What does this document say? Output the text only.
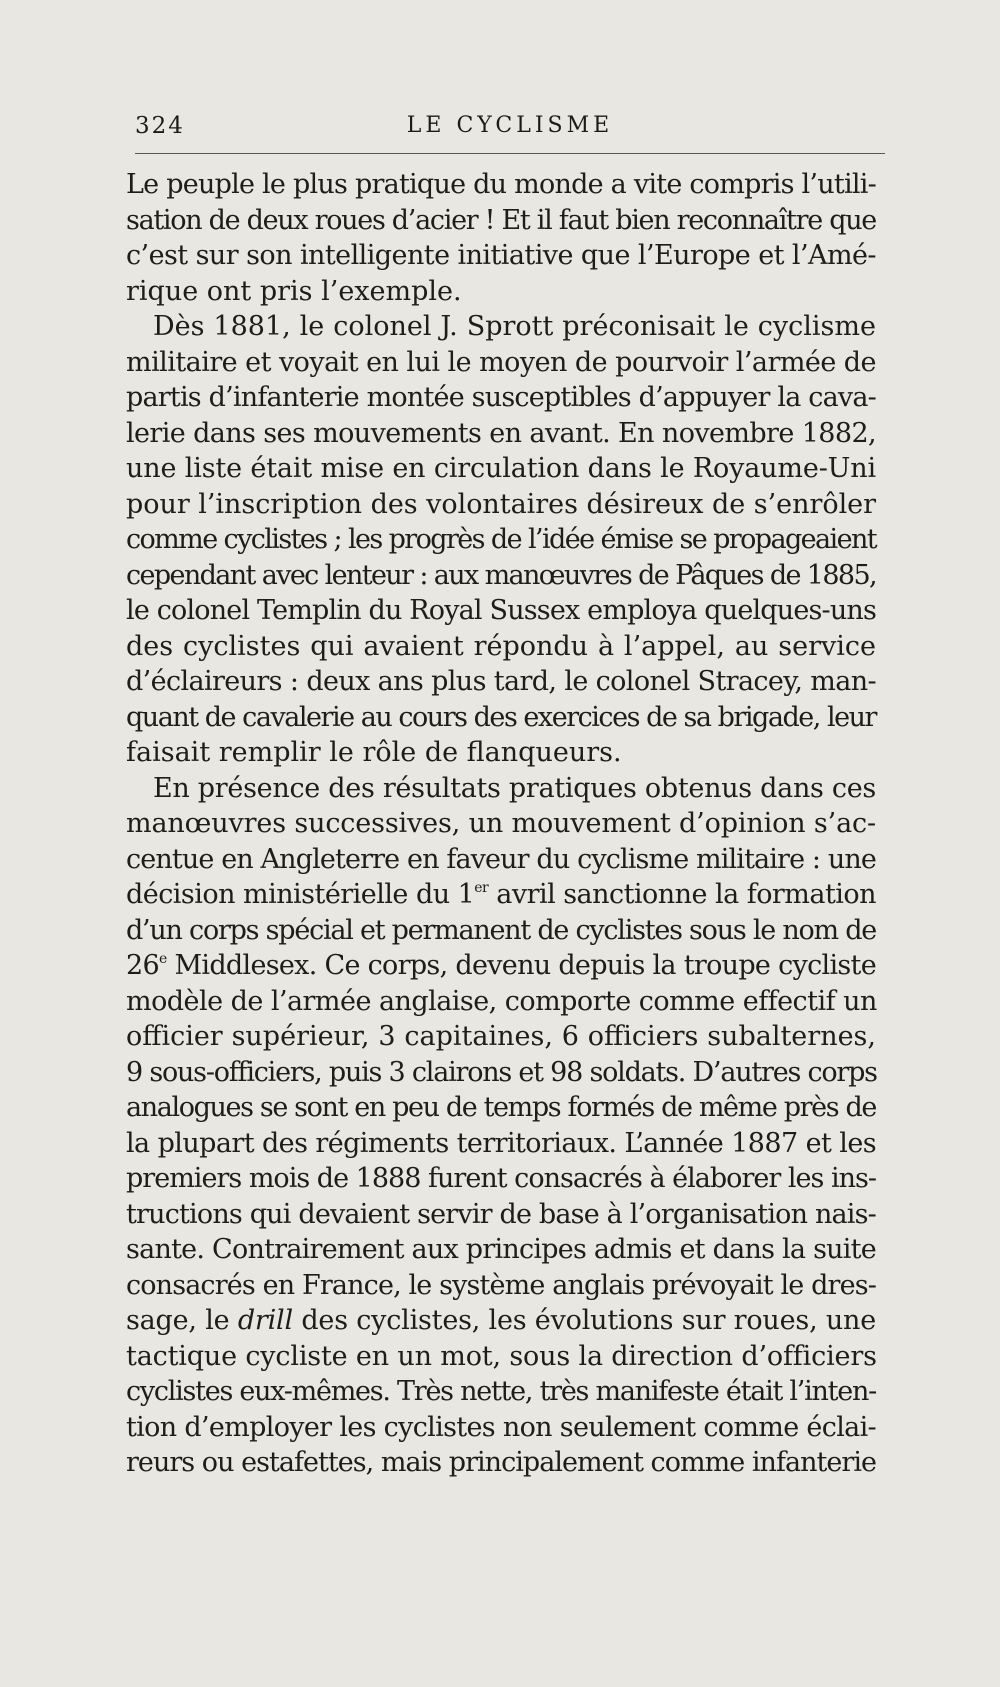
324	LE CYCLISME
Le peuple le plus pratique du monde a vite compris l’utili-
sation de deux roues d’acier ! Et il faut bien reconnaître que
c’est sur son intelligente initiative que l’Europe et l’Amé-
rique ont pris l’exemple.
Dès 1881, le colonel J. Sprott préconisait le cyclisme
militaire et voyait en lui le moyen de pourvoir l’armée de
partis d’infanterie montée susceptibles d’appuyer la cava-
lerie dans ses mouvements en avant. En novembre 1882,
une liste était mise en circulation dans le Royaume-Uni
pour l’inscription des volontaires désireux de s’enrôler
comme cyclistes ; les progrès de l’idée émise se propageaient
cependant avec lenteur : aux manœuvres de Pâques de 1885,
le colonel Templin du Royal Sussex employa quelques-uns
des cyclistes qui avaient répondu à l’appel, au service
d’éclaireurs : deux ans plus tard, le colonel Stracey, man-
quant de cavalerie au cours des exercices de sa brigade, leur
faisait remplir le rôle de flanqueurs.
En présence des résultats pratiques obtenus dans ces
manœuvres successives, un mouvement d’opinion s’ac-
centue en Angleterre en faveur du cyclisme militaire : une
décision ministérielle du 1er avril sanctionne la formation
d’un corps spécial et permanent de cyclistes sous le nom de
26e Middlesex. Ce corps, devenu depuis la troupe cycliste
modèle de l’armée anglaise, comporte comme effectif un
officier supérieur, 3 capitaines, 6 officiers subalternes,
9 sous-officiers, puis 3 clairons et 98 soldats. D’autres corps
analogues se sont en peu de temps formés de même près de
la plupart des régiments territoriaux. L’année 1887 et les
premiers mois de 1888 furent consacrés à élaborer les ins-
tructions qui devaient servir de base à l’organisation nais-
sante. Contrairement aux principes admis et dans la suite
consacrés en France, le système anglais prévoyait le dres-
sage, le drill des cyclistes, les évolutions sur roues, une
tactique cycliste en un mot, sous la direction d’officiers
cyclistes eux-mêmes. Très nette, très manifeste était l’inten-
tion d’employer les cyclistes non seulement comme éclai-
reurs ou estafettes, mais principalement comme infanterie
